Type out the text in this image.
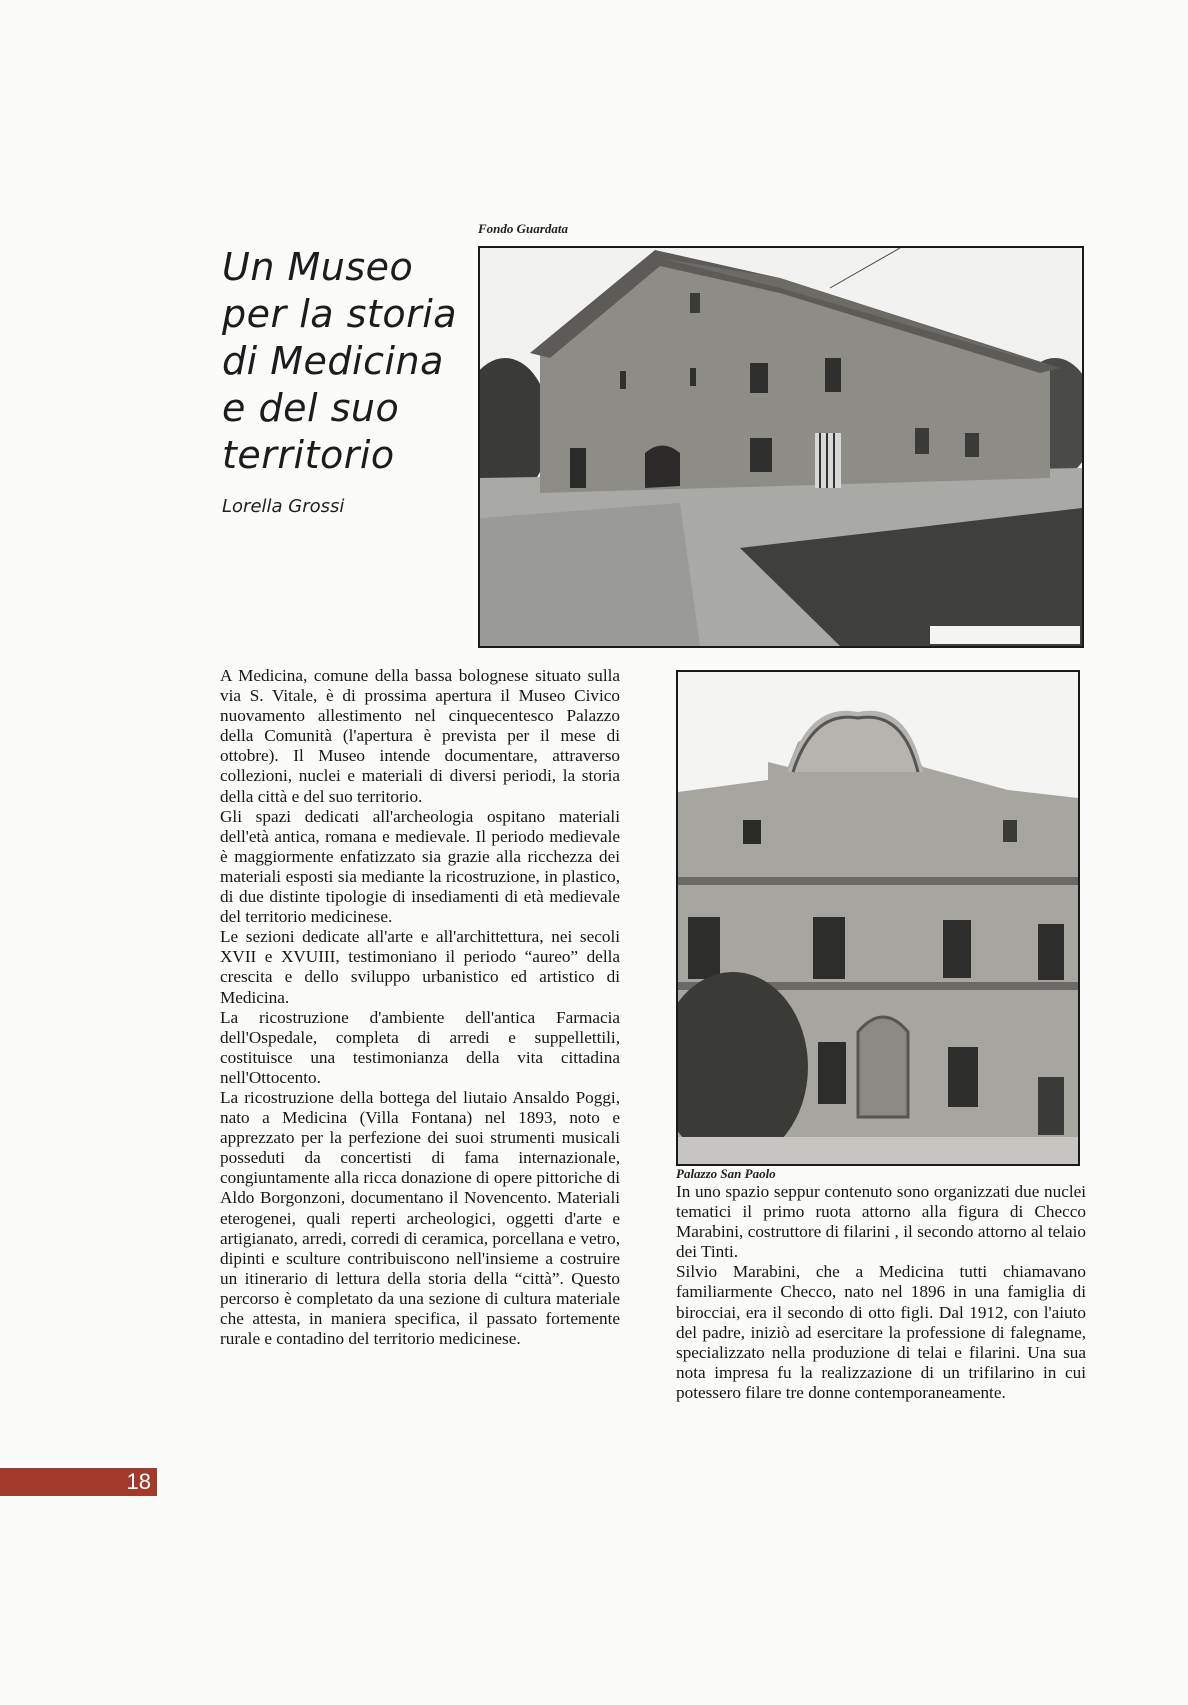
Un Museo
per la storia
di Medicina
e del suo
territorio
Lorella Grossi
Fondo Guardata
Palazzo San Paolo

A Medicina, comune della bassa bolognese situato sulla via S. Vitale, è di prossima apertura il Museo Civico nuovamento allestimento nel cinquecentesco Palazzo della Comunità (l'apertura è prevista per il mese di ottobre). Il Museo intende documentare, attraverso collezioni, nuclei e materiali di diversi periodi, la storia della città e del suo territorio.

Gli spazi dedicati all'archeologia ospitano materiali dell'età antica, romana e medievale. Il periodo medievale è maggiormente enfatizzato sia grazie alla ricchezza dei materiali esposti sia mediante la ricostruzione, in plastico, di due distinte tipologie di insediamenti di età medievale del territorio medicinese.

Le sezioni dedicate all'arte e all'archittettura, nei secoli XVII e XVUIII, testimoniano il periodo “aureo” della crescita e dello sviluppo urbanistico ed artistico di Medicina.

La ricostruzione d'ambiente dell'antica Farmacia dell'Ospedale, completa di arredi e suppellettili, costituisce una testimonianza della vita cittadina nell'Ottocento.

La ricostruzione della bottega del liutaio Ansaldo Poggi, nato a Medicina (Villa Fontana) nel 1893, noto e apprezzato per la perfezione dei suoi strumenti musicali posseduti da concertisti di fama internazionale, congiuntamente alla ricca donazione di opere pittoriche di Aldo Borgonzoni, documentano il Novencento. Materiali eterogenei, quali reperti archeologici, oggetti d'arte e artigianato, arredi, corredi di ceramica, porcellana e vetro, dipinti e sculture contribuiscono nell'insieme a costruire un itinerario di lettura della storia della “città”. Questo percorso è completato da una sezione di cultura materiale che attesta, in maniera specifica, il passato fortemente rurale e contadino del territorio medicinese.

In uno spazio seppur contenuto sono organizzati due nuclei tematici il primo ruota attorno alla figura di Checco Marabini, costruttore di filarini , il secondo attorno al telaio dei Tinti.

Silvio Marabini, che a Medicina tutti chiamavano familiarmente Checco, nato nel 1896 in una famiglia di birocciai, era il secondo di otto figli. Dal 1912, con l'aiuto del padre, iniziò ad esercitare la professione di falegname, specializzato nella produzione di telai e filarini. Una sua nota impresa fu la realizzazione di un trifilarino in cui potessero filare tre donne contemporaneamente.

18
